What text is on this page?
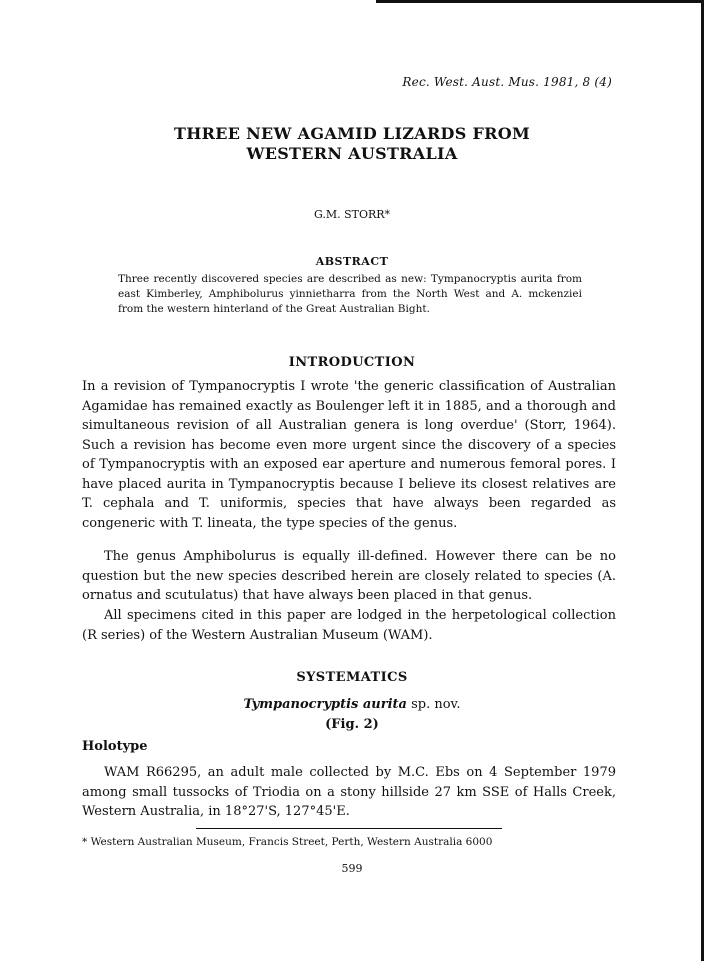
Rec. West. Aust. Mus. 1981, 8 (4)
THREE NEW AGAMID LIZARDS FROM
WESTERN AUSTRALIA
G.M. STORR*
ABSTRACT
Three recently discovered species are described as new: Tympanocryptis aurita from east Kimberley, Amphibolurus yinnietharra from the North West and A. mckenziei from the western hinterland of the Great Australian Bight.
INTRODUCTION
In a revision of Tympanocryptis I wrote 'the generic classification of Australian Agamidae has remained exactly as Boulenger left it in 1885, and a thorough and simultaneous revision of all Australian genera is long overdue' (Storr, 1964). Such a revision has become even more urgent since the discovery of a species of Tympanocryptis with an exposed ear aperture and numerous femoral pores. I have placed aurita in Tympanocryptis because I believe its closest relatives are T. cephala and T. uniformis, species that have always been regarded as congeneric with T. lineata, the type species of the genus.
The genus Amphibolurus is equally ill-defined. However there can be no question but the new species described herein are closely related to species (A. ornatus and scutulatus) that have always been placed in that genus.
All specimens cited in this paper are lodged in the herpetological collection (R series) of the Western Australian Museum (WAM).
SYSTEMATICS
Tympanocryptis aurita sp. nov.
(Fig. 2)
Holotype
WAM R66295, an adult male collected by M.C. Ebs on 4 September 1979 among small tussocks of Triodia on a stony hillside 27 km SSE of Halls Creek, Western Australia, in 18°27'S, 127°45'E.
* Western Australian Museum, Francis Street, Perth, Western Australia 6000
599
